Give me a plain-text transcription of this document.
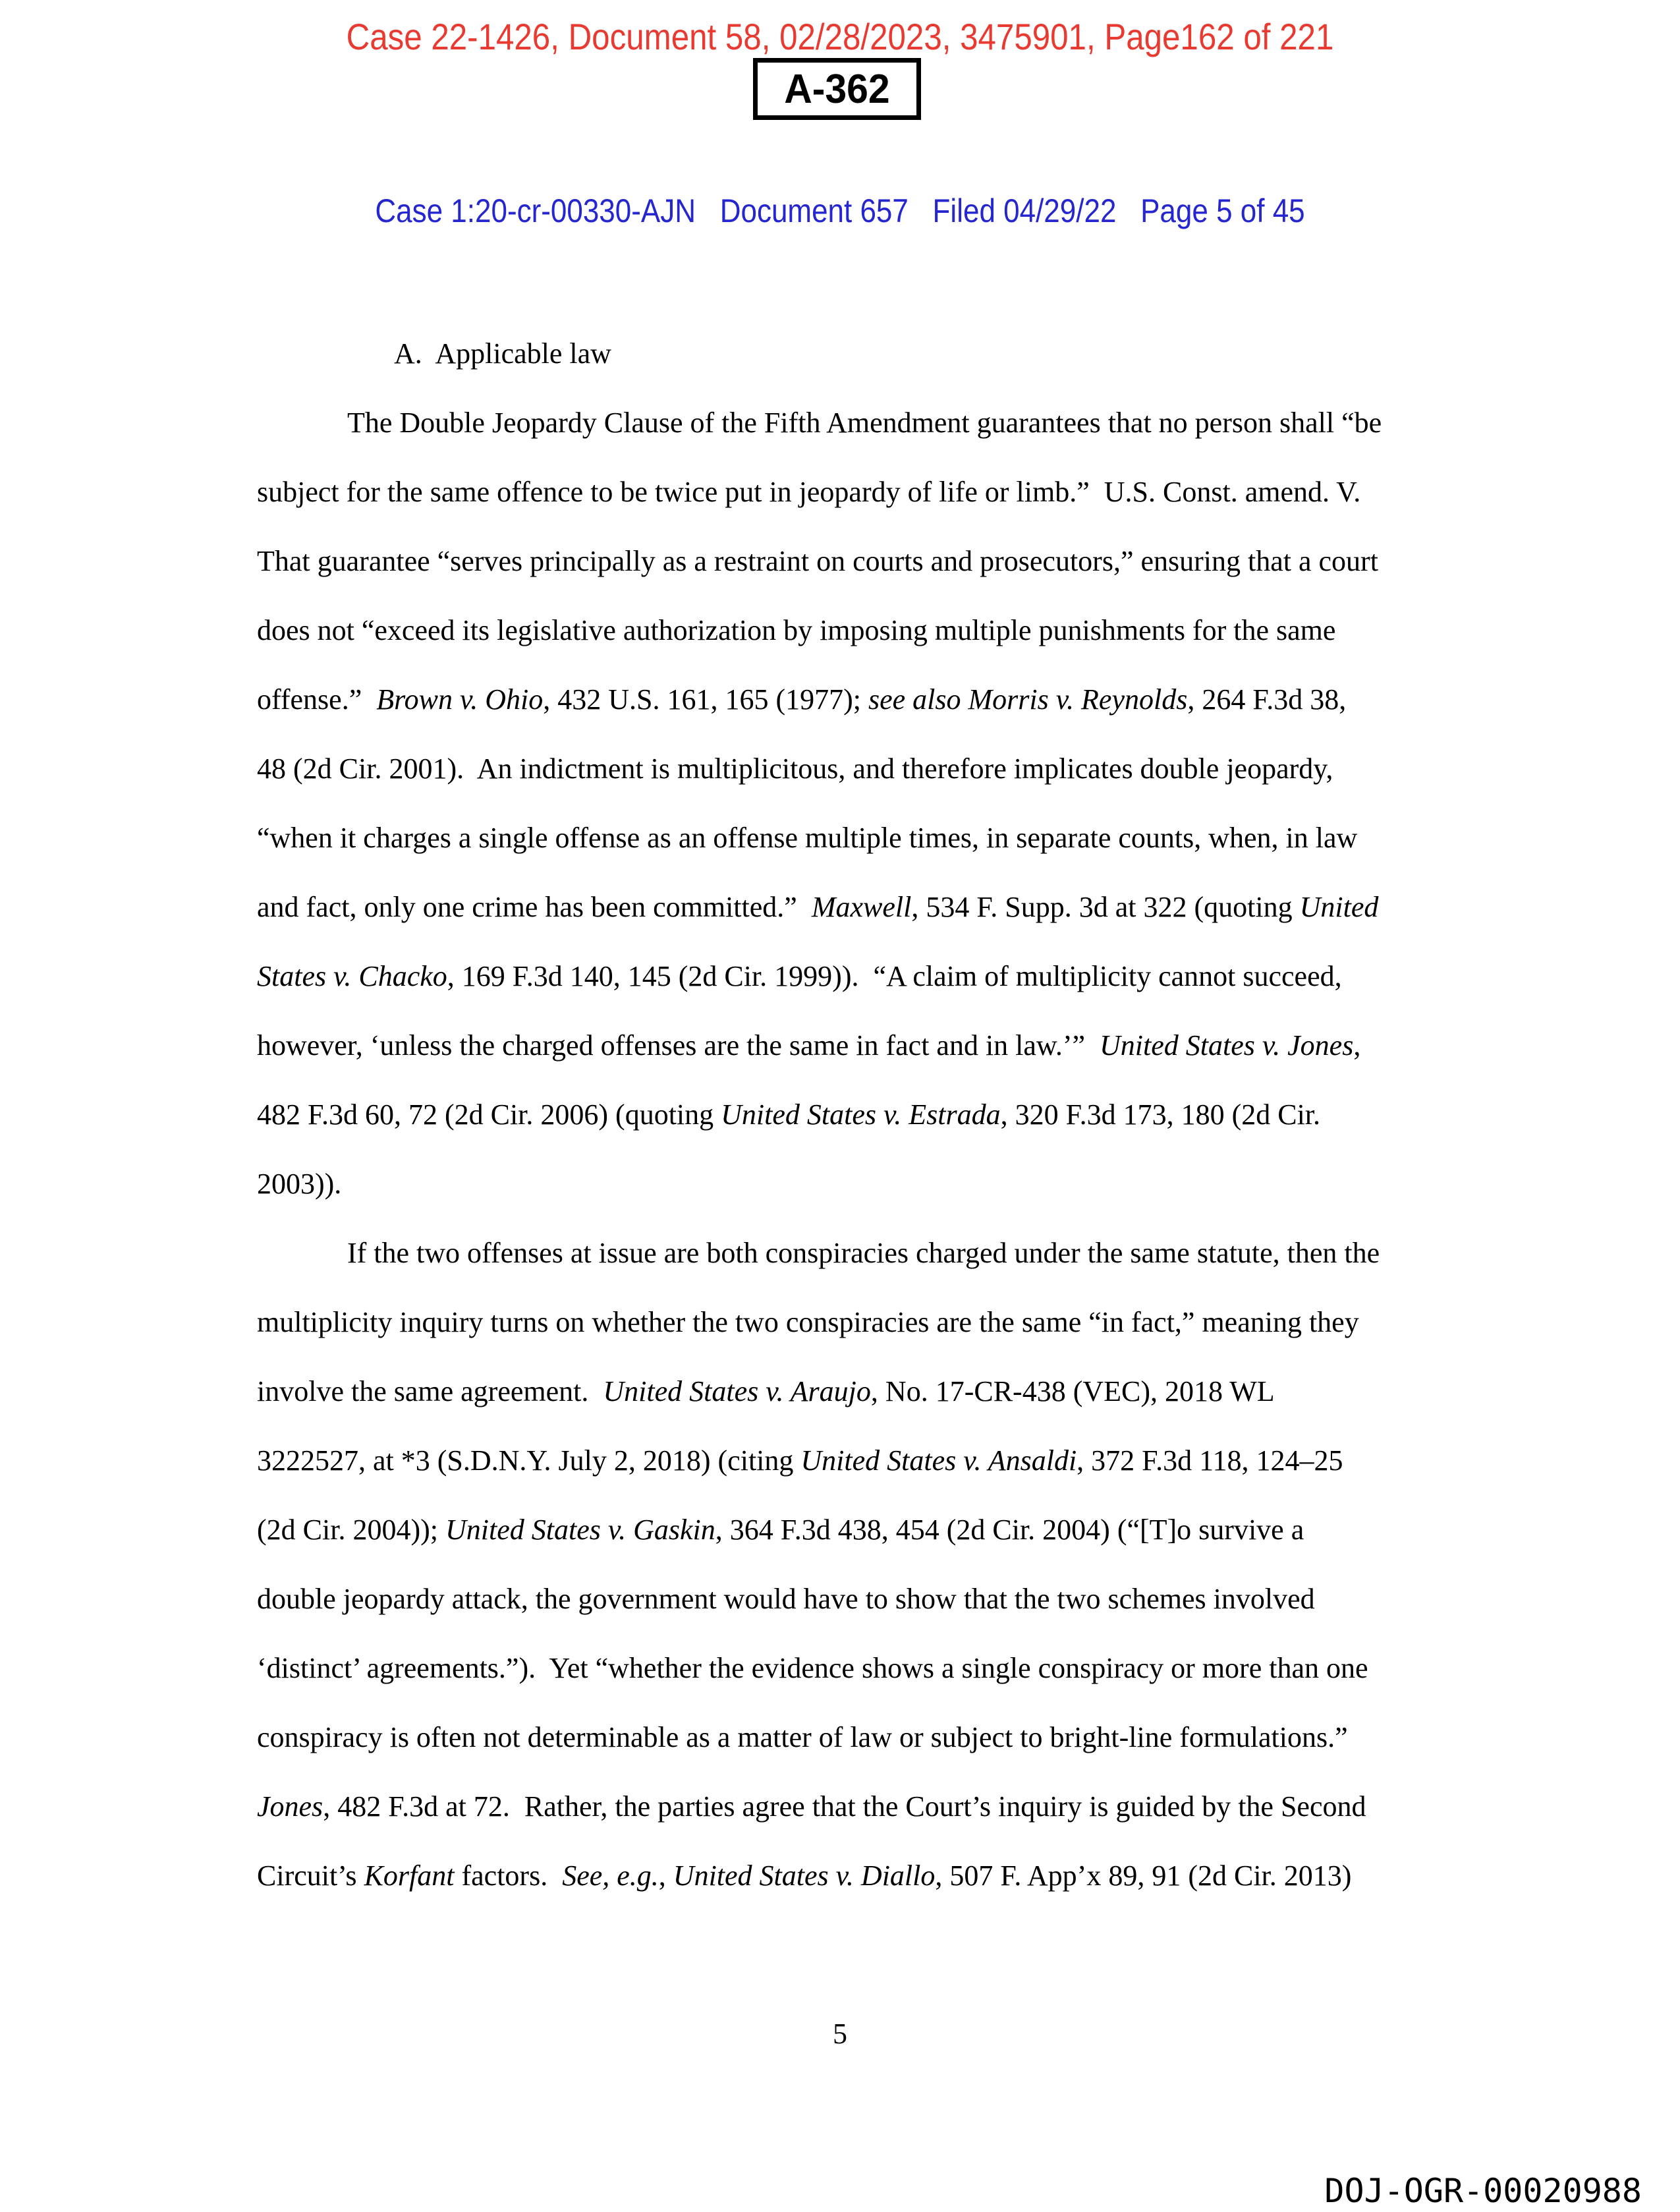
Case 22-1426, Document 58, 02/28/2023, 3475901, Page162 of 221
A-362
Case 1:20-cr-00330-AJN   Document 657   Filed 04/29/22   Page 5 of 45
A.  Applicable law
The Double Jeopardy Clause of the Fifth Amendment guarantees that no person shall “be
subject for the same offence to be twice put in jeopardy of life or limb.”  U.S. Const. amend. V.
That guarantee “serves principally as a restraint on courts and prosecutors,” ensuring that a court
does not “exceed its legislative authorization by imposing multiple punishments for the same
offense.”  Brown v. Ohio, 432 U.S. 161, 165 (1977); see also Morris v. Reynolds, 264 F.3d 38,
48 (2d Cir. 2001).  An indictment is multiplicitous, and therefore implicates double jeopardy,
“when it charges a single offense as an offense multiple times, in separate counts, when, in law
and fact, only one crime has been committed.”  Maxwell, 534 F. Supp. 3d at 322 (quoting United
States v. Chacko, 169 F.3d 140, 145 (2d Cir. 1999)).  “A claim of multiplicity cannot succeed,
however, ‘unless the charged offenses are the same in fact and in law.’”  United States v. Jones,
482 F.3d 60, 72 (2d Cir. 2006) (quoting United States v. Estrada, 320 F.3d 173, 180 (2d Cir.
2003)).
If the two offenses at issue are both conspiracies charged under the same statute, then the
multiplicity inquiry turns on whether the two conspiracies are the same “in fact,” meaning they
involve the same agreement.  United States v. Araujo, No. 17-CR-438 (VEC), 2018 WL
3222527, at *3 (S.D.N.Y. July 2, 2018) (citing United States v. Ansaldi, 372 F.3d 118, 124–25
(2d Cir. 2004)); United States v. Gaskin, 364 F.3d 438, 454 (2d Cir. 2004) (“[T]o survive a
double jeopardy attack, the government would have to show that the two schemes involved
‘distinct’ agreements.”).  Yet “whether the evidence shows a single conspiracy or more than one
conspiracy is often not determinable as a matter of law or subject to bright-line formulations.”
Jones, 482 F.3d at 72.  Rather, the parties agree that the Court’s inquiry is guided by the Second
Circuit’s Korfant factors.  See, e.g., United States v. Diallo, 507 F. App’x 89, 91 (2d Cir. 2013)
5
DOJ-OGR-00020988
